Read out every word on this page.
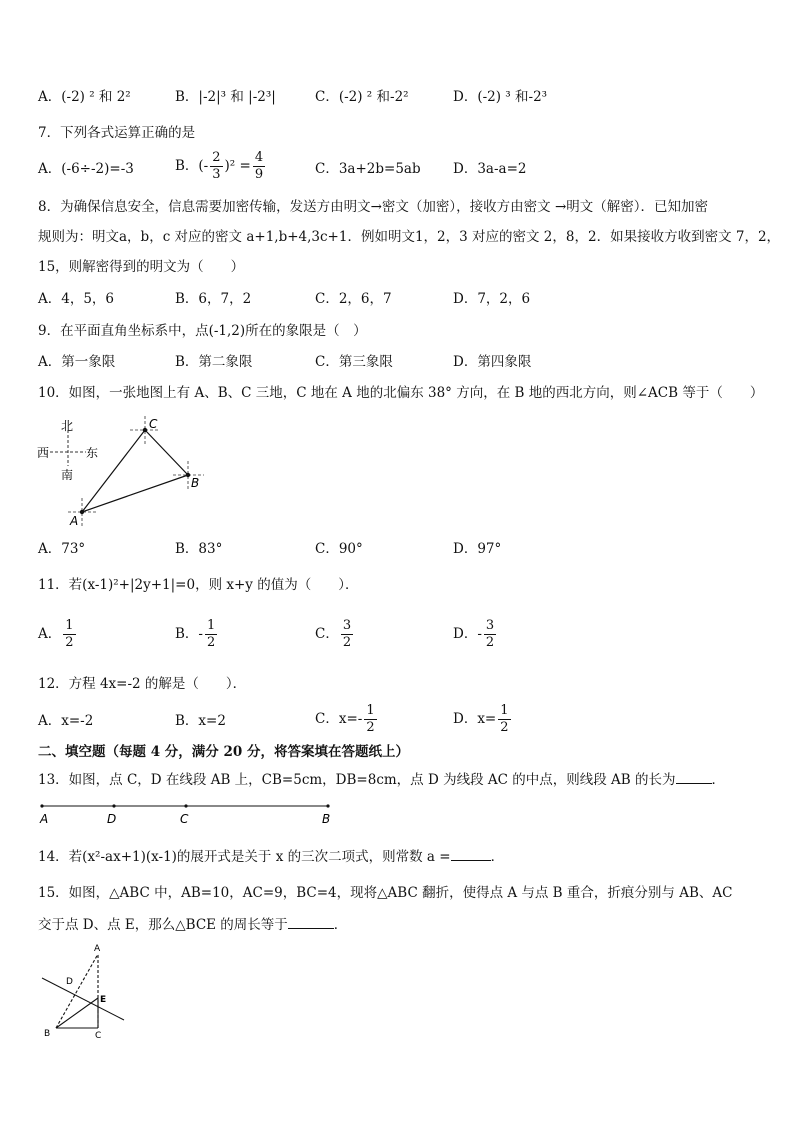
A．(-2) ² 和 2²	B．|-2|³ 和 |-2³|	C．(-2) ² 和-2²	D．(-2) ³ 和-2³
7．下列各式运算正确的是
A．(-6÷-2)=-3	B．(- $\frac{2}{3} )^2 = \frac{4}{9}$	C．3a+2b=5ab D．3a-a=2
8．为确保信息安全，信息需要加密传输，发送方由明文→密文（加密），接收方由密文 →明文（解密）．已知加密
规则为：明文a，b，c 对应的密文 a+1,b+4,3c+1．例如明文1，2，3 对应的密文 2，8，2．如果接收方收到密文 7，2，
15，则解密得到的明文为（　　）
A．4，5，6	B．6，7，2	C．2，6，7	D．7，2，6
9．在平面直角坐标系中，点(-1,2)所在的象限是（　）
A．第一象限	B．第二象限	C．第三象限	D．第四象限
10．如图，一张地图上有 A、B、C 三地，C 地在 A 地的北偏东 38° 方向，在 B 地的西北方向，则∠ACB 等于（　　）
北
西	东
南
A
C
B
A．73°	B．83°	C．90°	D．97°
11．若(x-1)²+|2y+1|=0，则 x+y 的值为（　　）．
A． $\frac{1}{2}$	B．- $\frac{1}{2}$	C． $\frac{3}{2}$	D．- $\frac{3}{2}$
12．方程 4x=-2 的解是（　　）．
A．x=-2	B．x=2	C．$x=- \frac{1}{2}$	D．$x= \frac{1}{2}$
二、填空题（每题 4 分，满分 20 分，将答案填在答题纸上）
13．如图，点 C，D 在线段 AB 上，CB=5cm，DB=8cm，点 D 为线段 AC 的中点，则线段 AB 的长为	．
A	D	C	B
14．若(x²-ax+1)(x-1)的展开式是关于 x 的三次二项式，则常数 a =	．
15．如图，△ABC 中，AB=10，AC=9，BC=4，现将△ABC 翻折，使得点 A 与点 B 重合，折痕分别与 AB、AC
交于点 D、点 E，那么△BCE 的周长等于	．
A
D
E
B	C
